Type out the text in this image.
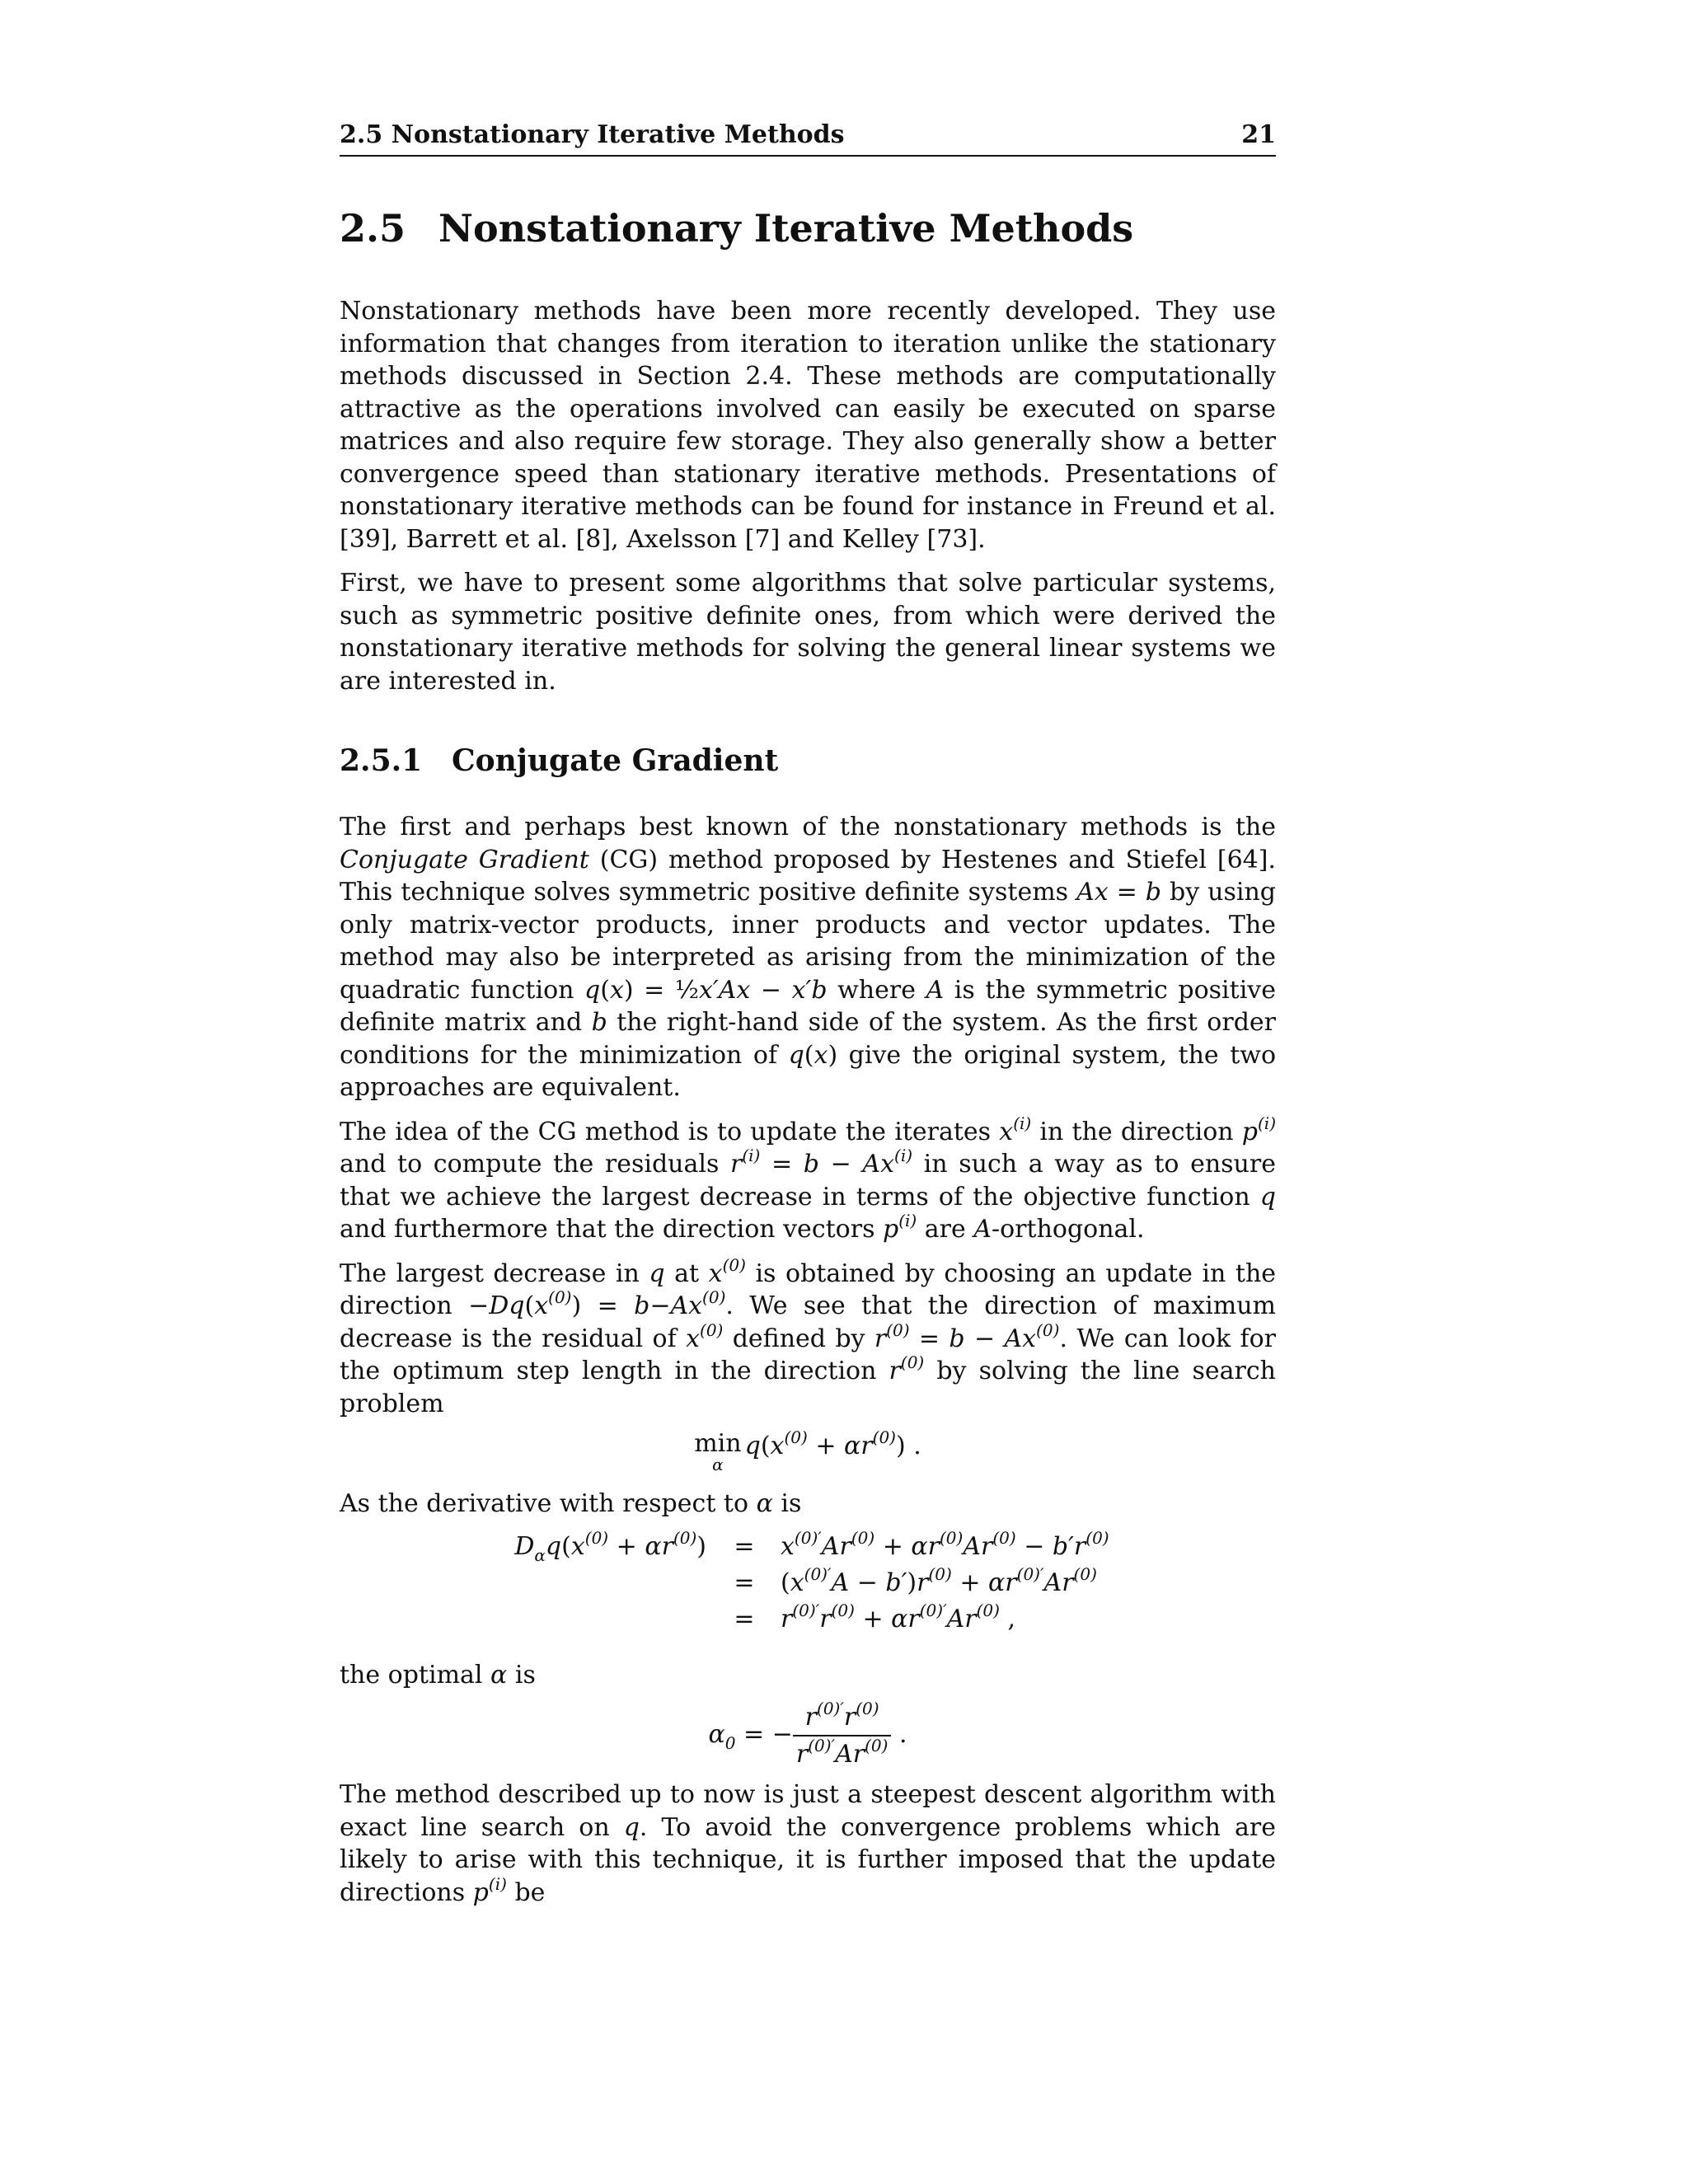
2.5 Nonstationary Iterative Methods	21
2.5 Nonstationary Iterative Methods

Nonstationary methods have been more recently developed. They use information that changes from iteration to iteration unlike the stationary methods discussed in Section 2.4. These methods are computationally attractive as the operations involved can easily be executed on sparse matrices and also require few storage. They also generally show a better convergence speed than stationary iterative methods. Presentations of nonstationary iterative methods can be found for instance in Freund et al. [39], Barrett et al. [8], Axelsson [7] and Kelley [73].

First, we have to present some algorithms that solve particular systems, such as symmetric positive definite ones, from which were derived the nonstationary iterative methods for solving the general linear systems we are interested in.

2.5.1 Conjugate Gradient

The first and perhaps best known of the nonstationary methods is the Conjugate Gradient (CG) method proposed by Hestenes and Stiefel [64]. This technique solves symmetric positive definite systems Ax = b by using only matrix-vector products, inner products and vector updates. The method may also be interpreted as arising from the minimization of the quadratic function q(x) = ½x′Ax − x′b where A is the symmetric positive definite matrix and b the right-hand side of the system. As the first order conditions for the minimization of q(x) give the original system, the two approaches are equivalent.

The idea of the CG method is to update the iterates $x^{(i)}$ in the direction $p^{(i)}$ and to compute the residuals $r^{(i)} = b - Ax^{(i)}$ in such a way as to ensure that we achieve the largest decrease in terms of the objective function q and furthermore that the direction vectors $p^{(i)}$ are A-orthogonal.

The largest decrease in q at $x^{(0)}$ is obtained by choosing an update in the direction $-Dq(x^{(0)}) = b-Ax^{(0)}$. We see that the direction of maximum decrease is the residual of $x^{(0)}$ defined by $r^{(0)} = b - Ax^{(0)}$. We can look for the optimum step length in the direction $r^{(0)}$ by solving the line search problem

min
α
$q(x^{(0)} + \alpha r^{(0)})$ .

As the derivative with respect to α is

$D_\alpha q(x^{(0)} + \alpha r^{(0)})$	=	$x^{(0)'}Ar^{(0)} + \alpha r^{(0)}Ar^{(0)} - b'r^{(0)}$
=	$(x^{(0)'}A - b')r^{(0)} + \alpha r^{(0)'}Ar^{(0)}$
=	$r^{(0)'}r^{(0)} + \alpha r^{(0)'}Ar^{(0)}$ ,

the optimal α is

$\alpha_0$ = − $\frac{r^{(0)'}r^{(0)}}{r^{(0)'}Ar^{(0)}}$ .

The method described up to now is just a steepest descent algorithm with exact line search on q. To avoid the convergence problems which are likely to arise with this technique, it is further imposed that the update directions $p^{(i)}$ be
